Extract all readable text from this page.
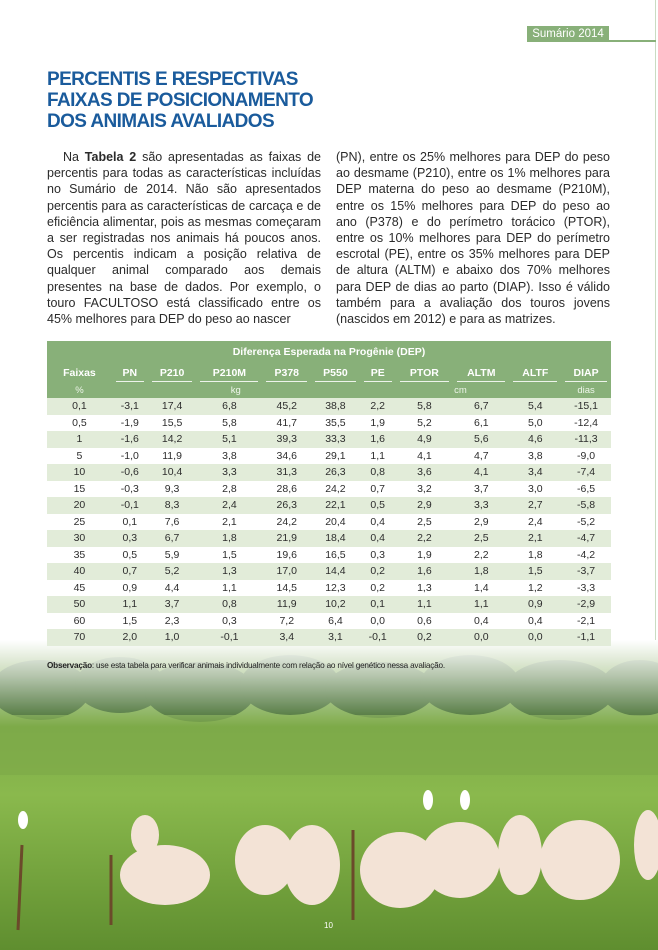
Sumário 2014
PERCENTIS E RESPECTIVAS FAIXAS DE POSICIONAMENTO DOS ANIMAIS AVALIADOS

Na Tabela 2 são apresentadas as faixas de percentis para todas as características incluídas no Sumário de 2014. Não são apresentados percentis para as características de carcaça e de eficiência alimentar, pois as mesmas começaram a ser registradas nos animais há poucos anos. Os percentis indicam a posição relativa de qualquer animal comparado aos demais presentes na base de dados. Por exemplo, o touro FACULTOSO está classificado entre os 45% melhores para DEP do peso ao nascer

(PN), entre os 25% melhores para DEP do peso ao desmame (P210), entre os 1% melhores para DEP materna do peso ao desmame (P210M), entre os 15% melhores para DEP do peso ao ano (P378) e do perímetro torácico (PTOR), entre os 10% melhores para DEP do perímetro escrotal (PE), entre os 35% melhores para DEP de altura (ALTM) e abaixo dos 70% melhores para DEP de dias ao parto (DIAP). Isso é válido também para a avaliação dos touros jovens (nascidos em 2012) e para as matrizes.

Diferença Esperada na Progênie (DEP)										
Faixas	PN	P210	P210M	P378	P550	PE	PTOR	ALTM	ALTF	DIAP

%	kg					cm				dias
0,1	-3,1	17,4	6,8	45,2	38,8	2,2	5,8	6,7	5,4	-15,1
0,5	-1,9	15,5	5,8	41,7	35,5	1,9	5,2	6,1	5,0	-12,4
1	-1,6	14,2	5,1	39,3	33,3	1,6	4,9	5,6	4,6	-11,3
5	-1,0	11,9	3,8	34,6	29,1	1,1	4,1	4,7	3,8	-9,0
10	-0,6	10,4	3,3	31,3	26,3	0,8	3,6	4,1	3,4	-7,4
15	-0,3	9,3	2,8	28,6	24,2	0,7	3,2	3,7	3,0	-6,5
20	-0,1	8,3	2,4	26,3	22,1	0,5	2,9	3,3	2,7	-5,8
25	0,1	7,6	2,1	24,2	20,4	0,4	2,5	2,9	2,4	-5,2
30	0,3	6,7	1,8	21,9	18,4	0,4	2,2	2,5	2,1	-4,7
35	0,5	5,9	1,5	19,6	16,5	0,3	1,9	2,2	1,8	-4,2
40	0,7	5,2	1,3	17,0	14,4	0,2	1,6	1,8	1,5	-3,7
45	0,9	4,4	1,1	14,5	12,3	0,2	1,3	1,4	1,2	-3,3
50	1,1	3,7	0,8	11,9	10,2	0,1	1,1	1,1	0,9	-2,9
60	1,5	2,3	0,3	7,2	6,4	0,0	0,6	0,4	0,4	-2,1
70	2,0	1,0	-0,1	3,4	3,1	-0,1	0,2	0,0	0,0	-1,1
Observação: use esta tabela para verificar animais individualmente com relação ao nível genético nessa avaliação.
10
